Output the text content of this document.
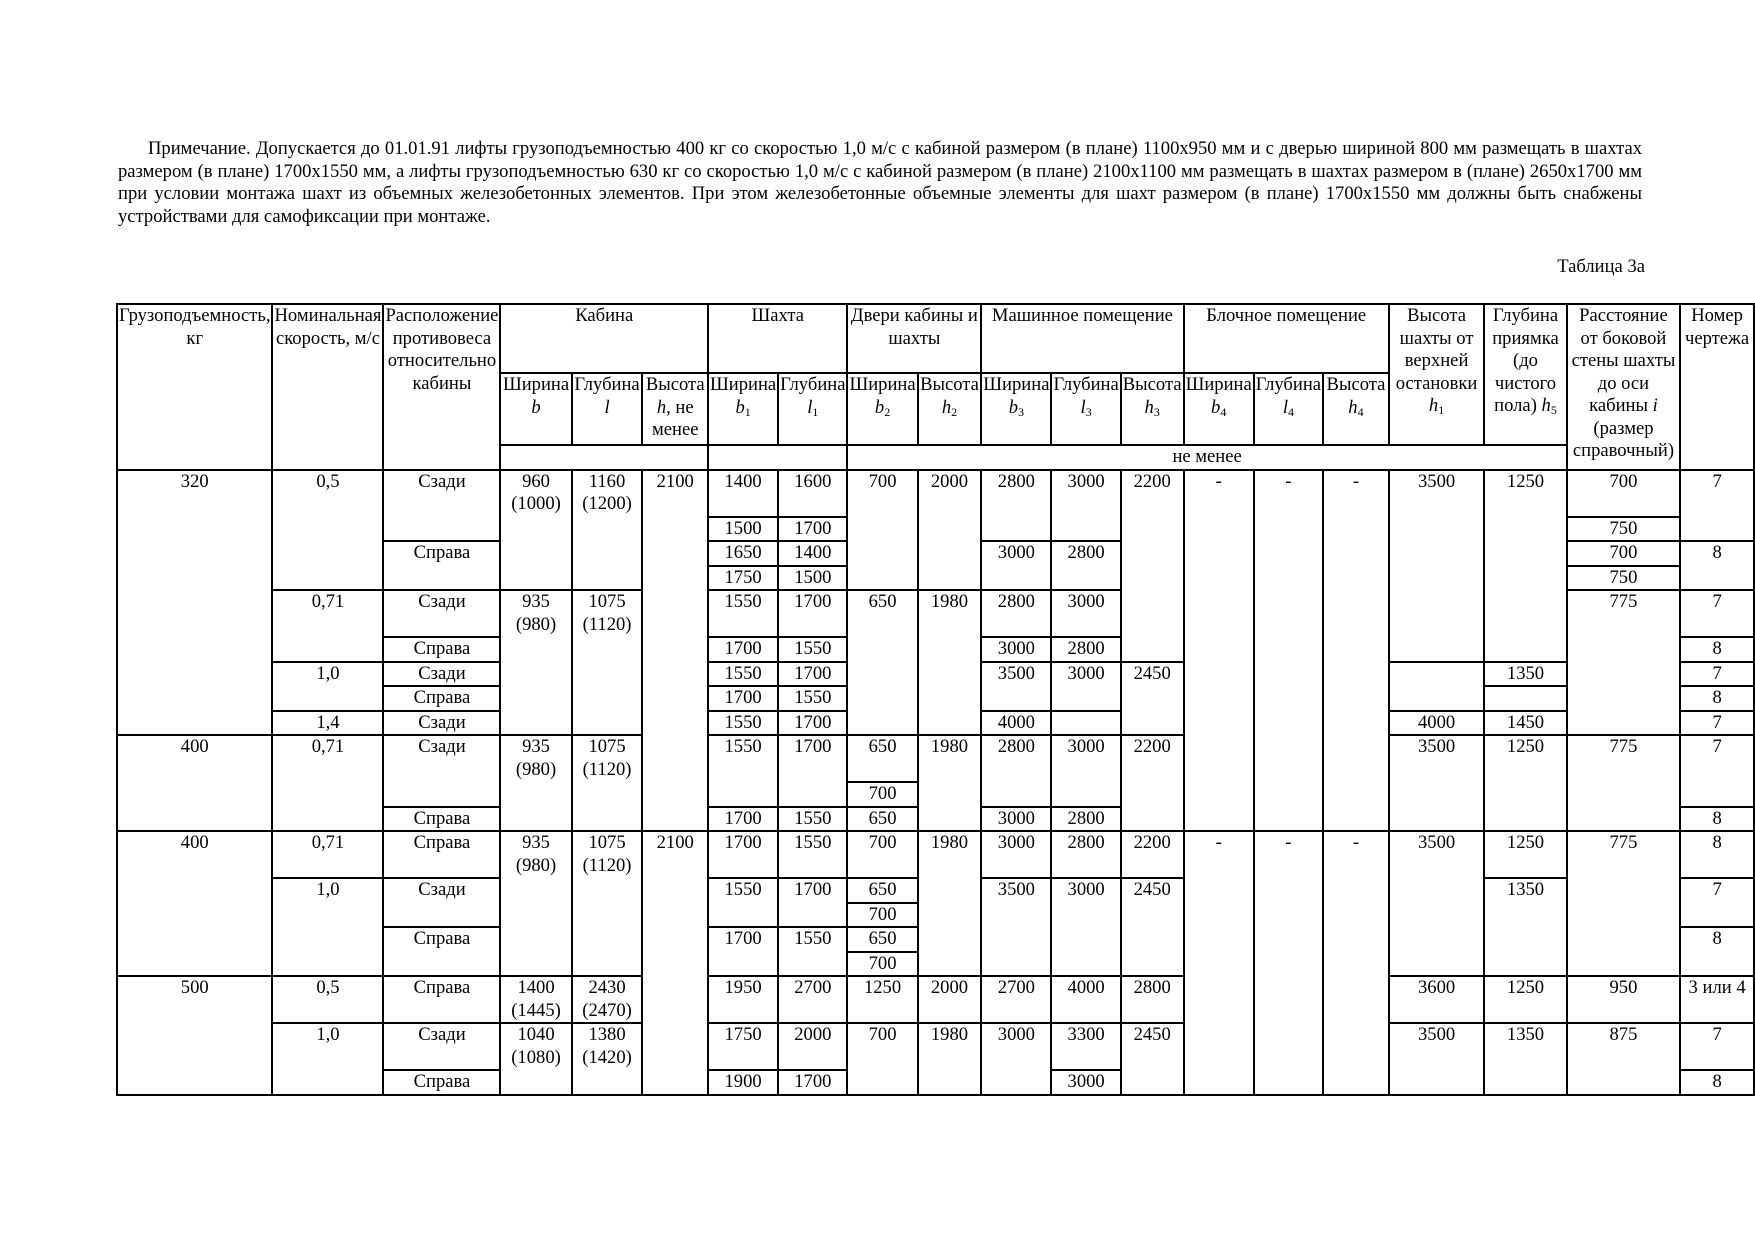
Примечание. Допускается до 01.01.91 лифты грузоподъемностью 400 кг со скоростью 1,0 м/с с кабиной размером (в плане) 1100х950 мм и с дверью шириной 800 мм размещать в шахтах размером (в плане) 1700х1550 мм, а лифты грузоподъемностью 630 кг со скоростью 1,0 м/с с кабиной размером (в плане) 2100х1100 мм размещать в шахтах размером в (плане) 2650х1700 мм при условии монтажа шахт из объемных железобетонных элементов. При этом железобетонные объемные элементы для шахт размером (в плане) 1700х1550 мм должны быть снабжены устройствами для самофиксации при монтаже.

Таблица 3а
Грузоподъемность, кг	Номинальная скорость, м/с	Расположение противовеса относительно кабины	Кабина			Шахта		Двери кабины и шахты		Машинное помещение			Блочное помещение			Высота шахты от верхней остановки $h_1$	Глубина приямка (до чистого пола) $h_5$	Расстояние от боковой стены шахты до оси кабины i (размер справочный)	Номер чертежа
			Ширина b	Глубина l	Высота h, не менее	Ширина $b_1$	Глубина $l_1$	Ширина $b_2$	Высота $h_2$	Ширина $b_3$	Глубина $l_3$	Высота $h_3$	Ширина $b_4$	Глубина $l_4$	Высота $h_4$
								не менее											
320	0,5	Сзади	960 (1000)	1160 (1200)	2100	1400	1600	700	2000	2800	3000	2200	-	-	-	3500	1250	700	7
						1500	1700											750	
		Справа				1650	1400			3000	2800							700	8
						1750	1500											750	
	0,71	Сзади	935 (980)	1075 (1120)		1550	1700	650	1980	2800	3000							775	7
		Справа				1700	1550			3000	2800								8
	1,0	Сзади				1550	1700			3500	3000	2450					1350		7
		Справа				1700	1550												8
	1,4	Сзади				1550	1700			4000						4000	1450		7
400	0,71	Сзади	935 (980)	1075 (1120)		1550	1700	650	1980	2800	3000	2200				3500	1250	775	7
								700											
		Справа				1700	1550	650		3000	2800								8
400	0,71	Справа	935 (980)	1075 (1120)	2100	1700	1550	700	1980	3000	2800	2200	-	-	-	3500	1250	775	8
	1,0	Сзади				1550	1700	650		3500	3000	2450					1350		7
								700											
		Справа				1700	1550	650											8
								700											
500	0,5	Справа	1400 (1445)	2430 (2470)		1950	2700	1250	2000	2700	4000	2800				3600	1250	950	3 или 4
	1,0	Сзади	1040 (1080)	1380 (1420)		1750	2000	700	1980	3000	3300	2450				3500	1350	875	7
		Справа				1900	1700				3000								8
